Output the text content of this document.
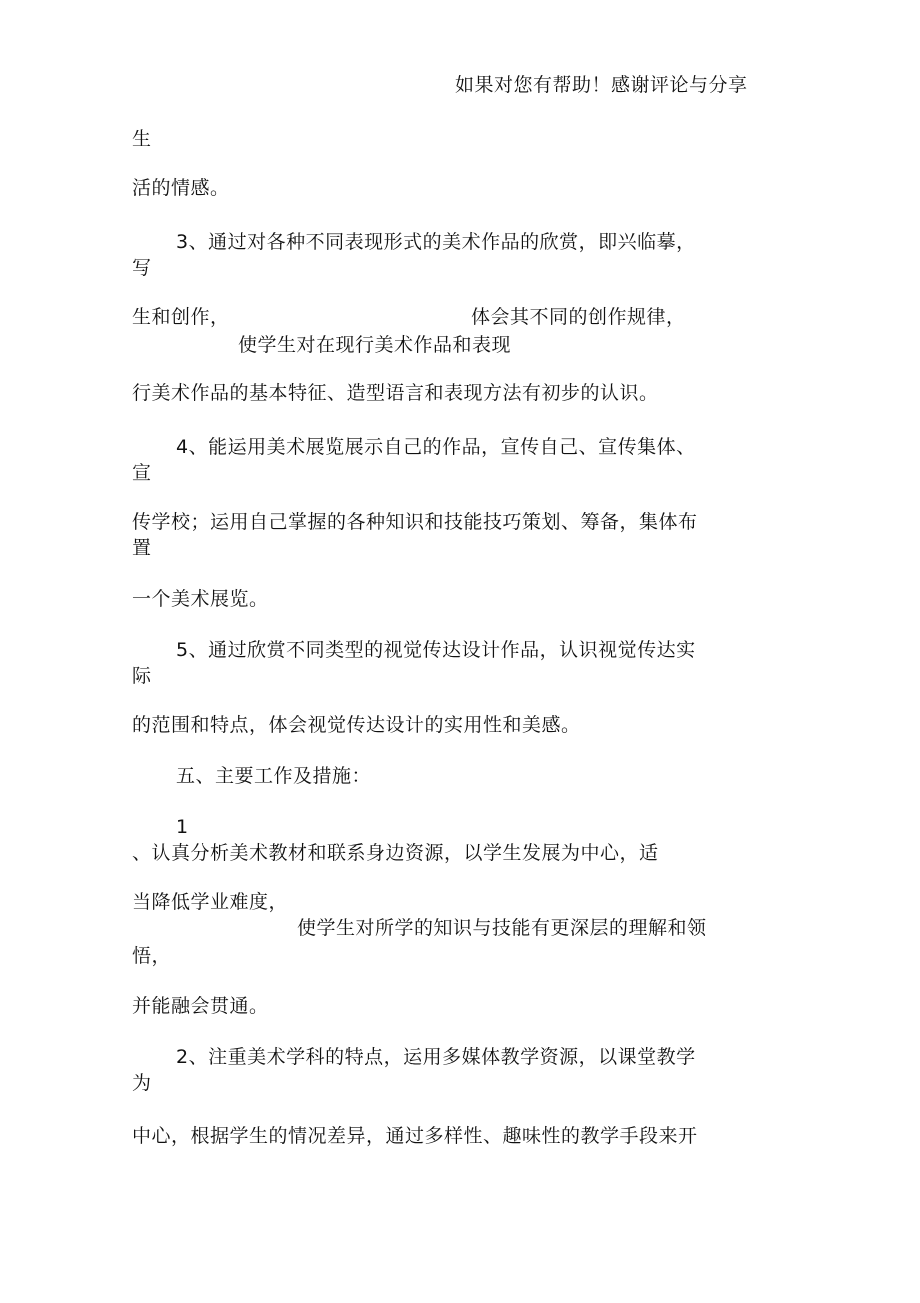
如果对您有帮助！感谢评论与分享
生
活的情感。
3、通过对各种不同表现形式的美术作品的欣赏，即兴临摹，
写
生和创作，	体会其不同的创作规律，
使学生对在现行美术作品和表现
行美术作品的基本特征、造型语言和表现方法有初步的认识。
4、能运用美术展览展示自己的作品，宣传自己、宣传集体、
宣
传学校；运用自己掌握的各种知识和技能技巧策划、筹备，集体布
置
一个美术展览。
5、通过欣赏不同类型的视觉传达设计作品，认识视觉传达实
际
的范围和特点，体会视觉传达设计的实用性和美感。
五、主要工作及措施：
1
、认真分析美术教材和联系身边资源，以学生发展为中心，适
当降低学业难度，
使学生对所学的知识与技能有更深层的理解和领
悟，
并能融会贯通。
2、注重美术学科的特点，运用多媒体教学资源，以课堂教学
为
中心，根据学生的情况差异，通过多样性、趣味性的教学手段来开
